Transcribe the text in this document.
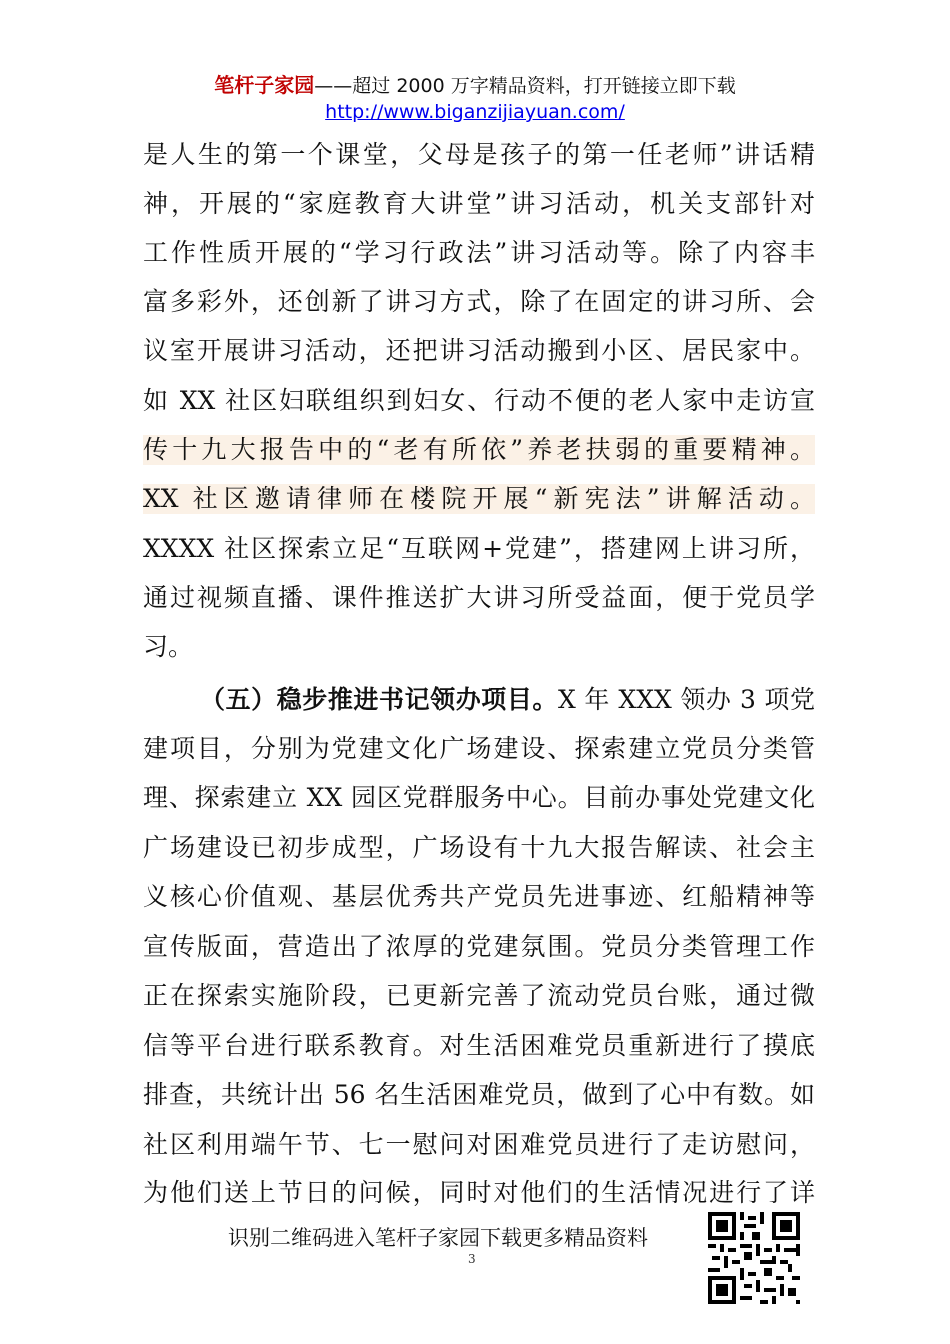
笔杆子家园——超过 2000 万字精品资料，打开链接立即下载 http://www.biganzijiayuan.com/
是人生的第一个课堂，父母是孩子的第一任老师”讲话精
神，开展的“家庭教育大讲堂”讲习活动，机关支部针对
工作性质开展的“学习行政法”讲习活动等。除了内容丰
富多彩外，还创新了讲习方式，除了在固定的讲习所、会
议室开展讲习活动，还把讲习活动搬到小区、居民家中。
如 XX 社区妇联组织到妇女、行动不便的老人家中走访宣
传十九大报告中的“老有所依”养老扶弱的重要精神。
XX 社区邀请律师在楼院开展“新宪法”讲解活动。
XXXX 社区探索立足“互联网+党建”，搭建网上讲习所，
通过视频直播、课件推送扩大讲习所受益面，便于党员学
习。
（五）稳步推进书记领办项目。X 年 XXX 领办 3 项党
建项目，分别为党建文化广场建设、探索建立党员分类管
理、探索建立 XX 园区党群服务中心。目前办事处党建文化
广场建设已初步成型，广场设有十九大报告解读、社会主
义核心价值观、基层优秀共产党员先进事迹、红船精神等
宣传版面，营造出了浓厚的党建氛围。党员分类管理工作
正在探索实施阶段，已更新完善了流动党员台账，通过微
信等平台进行联系教育。对生活困难党员重新进行了摸底
排查，共统计出 56 名生活困难党员，做到了心中有数。如
社区利用端午节、七一慰问对困难党员进行了走访慰问，
为他们送上节日的问候，同时对他们的生活情况进行了详
识别二维码进入笔杆子家园下载更多精品资料
3
